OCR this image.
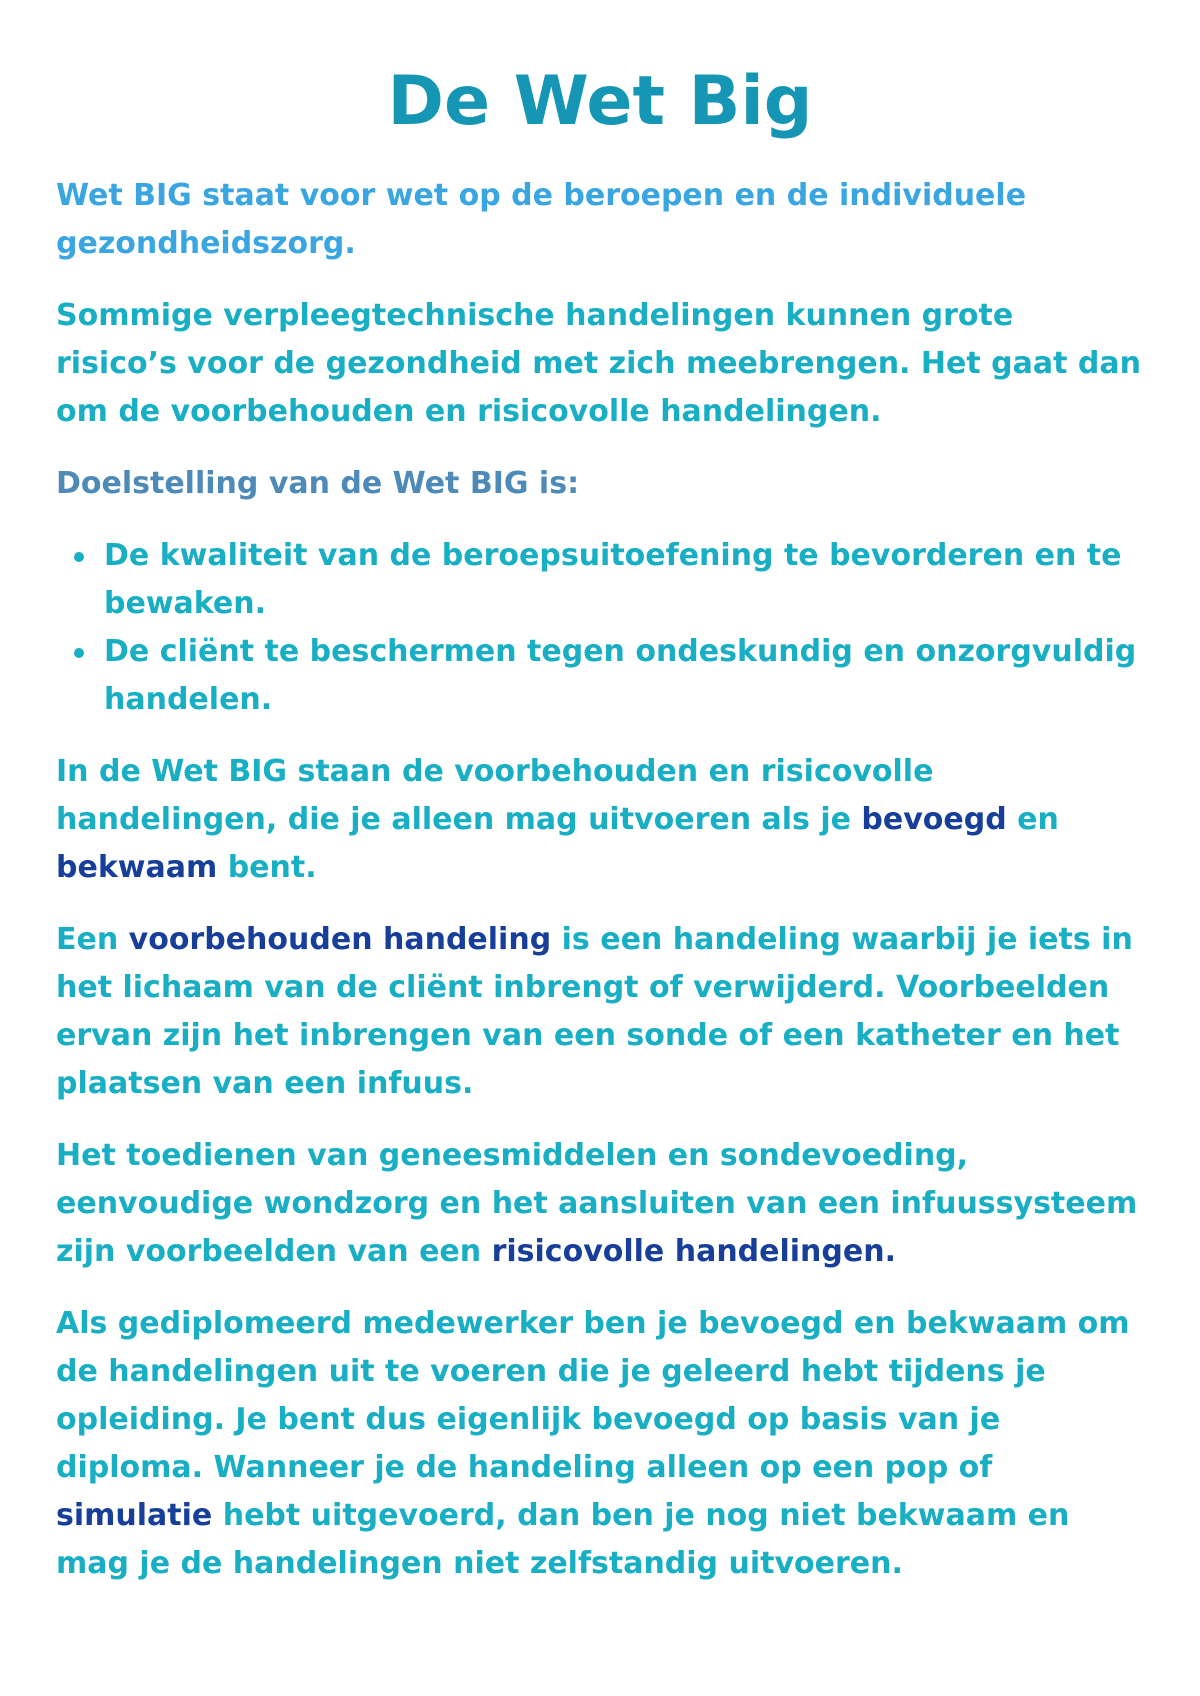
De Wet Big

Wet BIG staat voor wet op de beroepen en de individuele gezondheidszorg.

Sommige verpleegtechnische handelingen kunnen grote risico’s voor de gezondheid met zich meebrengen. Het gaat dan om de voorbehouden en risicovolle handelingen.

Doelstelling van de Wet BIG is:

De kwaliteit van de beroepsuitoefening te bevorderen en te bewaken.
De cliënt te beschermen tegen ondeskundig en onzorgvuldig handelen.

In de Wet BIG staan de voorbehouden en risicovolle handelingen, die je alleen mag uitvoeren als je bevoegd en bekwaam bent.

Een voorbehouden handeling is een handeling waarbij je iets in het lichaam van de cliënt inbrengt of verwijderd. Voorbeelden ervan zijn het inbrengen van een sonde of een katheter en het plaatsen van een infuus.

Het toedienen van geneesmiddelen en sondevoeding, eenvoudige wondzorg en het aansluiten van een infuussysteem zijn voorbeelden van een risicovolle handelingen.

Als gediplomeerd medewerker ben je bevoegd en bekwaam om de handelingen uit te voeren die je geleerd hebt tijdens je opleiding. Je bent dus eigenlijk bevoegd op basis van je diploma. Wanneer je de handeling alleen op een pop of simulatie hebt uitgevoerd, dan ben je nog niet bekwaam en mag je de handelingen niet zelfstandig uitvoeren.
